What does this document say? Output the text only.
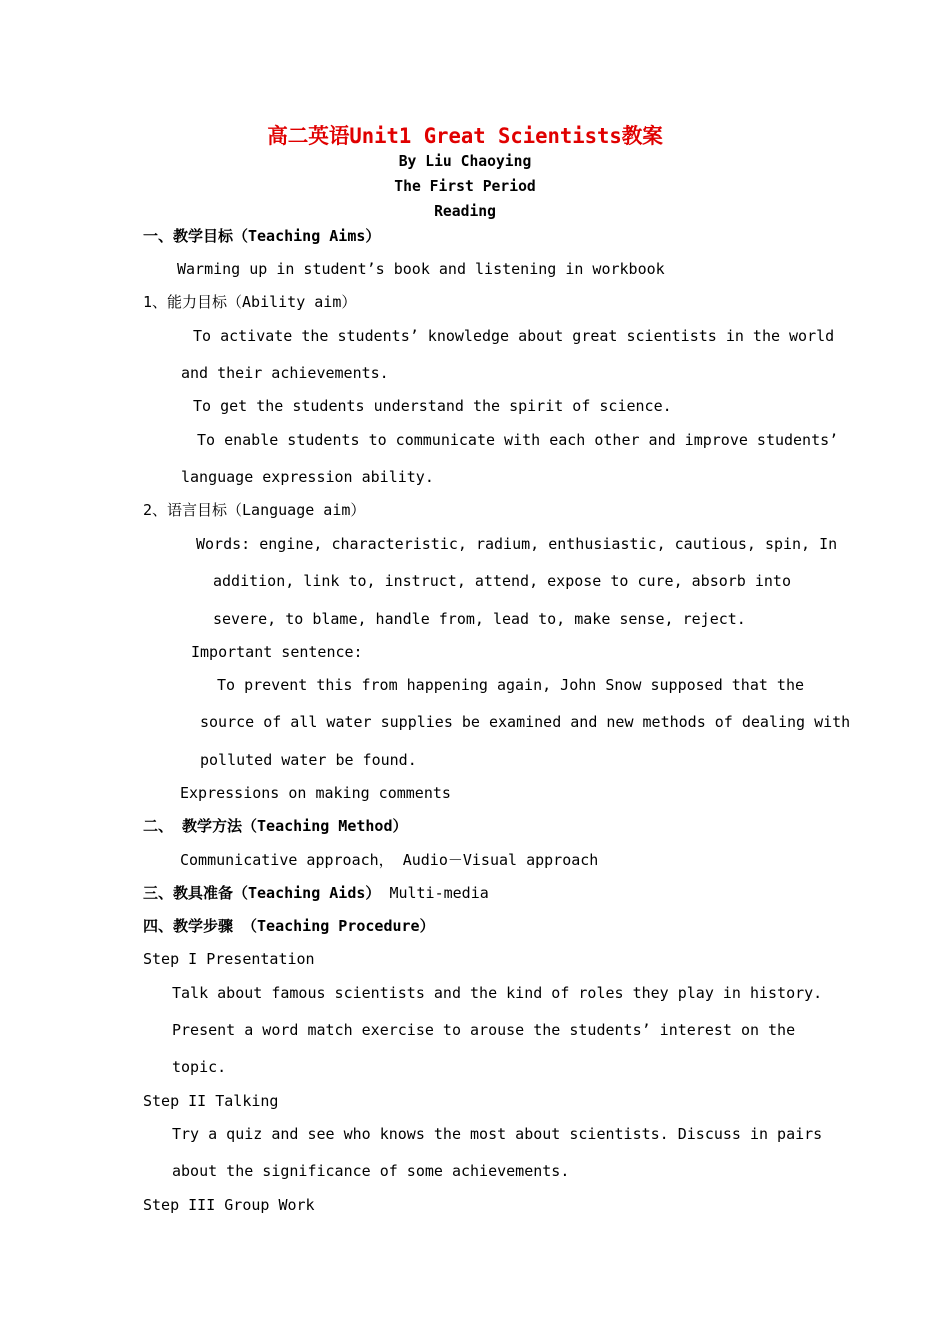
高二英语Unit1 Great Scientists教案
By Liu Chaoying
The First Period
Reading
一、教学目标（Teaching Aims）
Warming up in student’s book and listening in workbook
1、能力目标（Ability aim）
To activate the students’ knowledge about great scientists in the world
and their achievements.
To get the students understand the spirit of science.
To enable students to communicate with each other and improve students’
language expression ability.
2、语言目标（Language aim）
Words: engine, characteristic, radium, enthusiastic, cautious, spin, In
addition, link to, instruct, attend, expose to cure, absorb into
severe, to blame, handle from, lead to, make sense, reject.
Important sentence:
To prevent this from happening again, John Snow supposed that the
source of all water supplies be examined and new methods of dealing with
polluted water be found.
Expressions on making comments
二、 教学方法（Teaching Method）
Communicative approach， Audio－Visual approach
三、教具准备（Teaching Aids） Multi-media
四、教学步骤 （Teaching Procedure）
Step I Presentation
Talk about famous scientists and the kind of roles they play in history.
Present a word match exercise to arouse the students’ interest on the
topic.
Step II Talking
Try a quiz and see who knows the most about scientists. Discuss in pairs
about the significance of some achievements.
Step III Group Work
